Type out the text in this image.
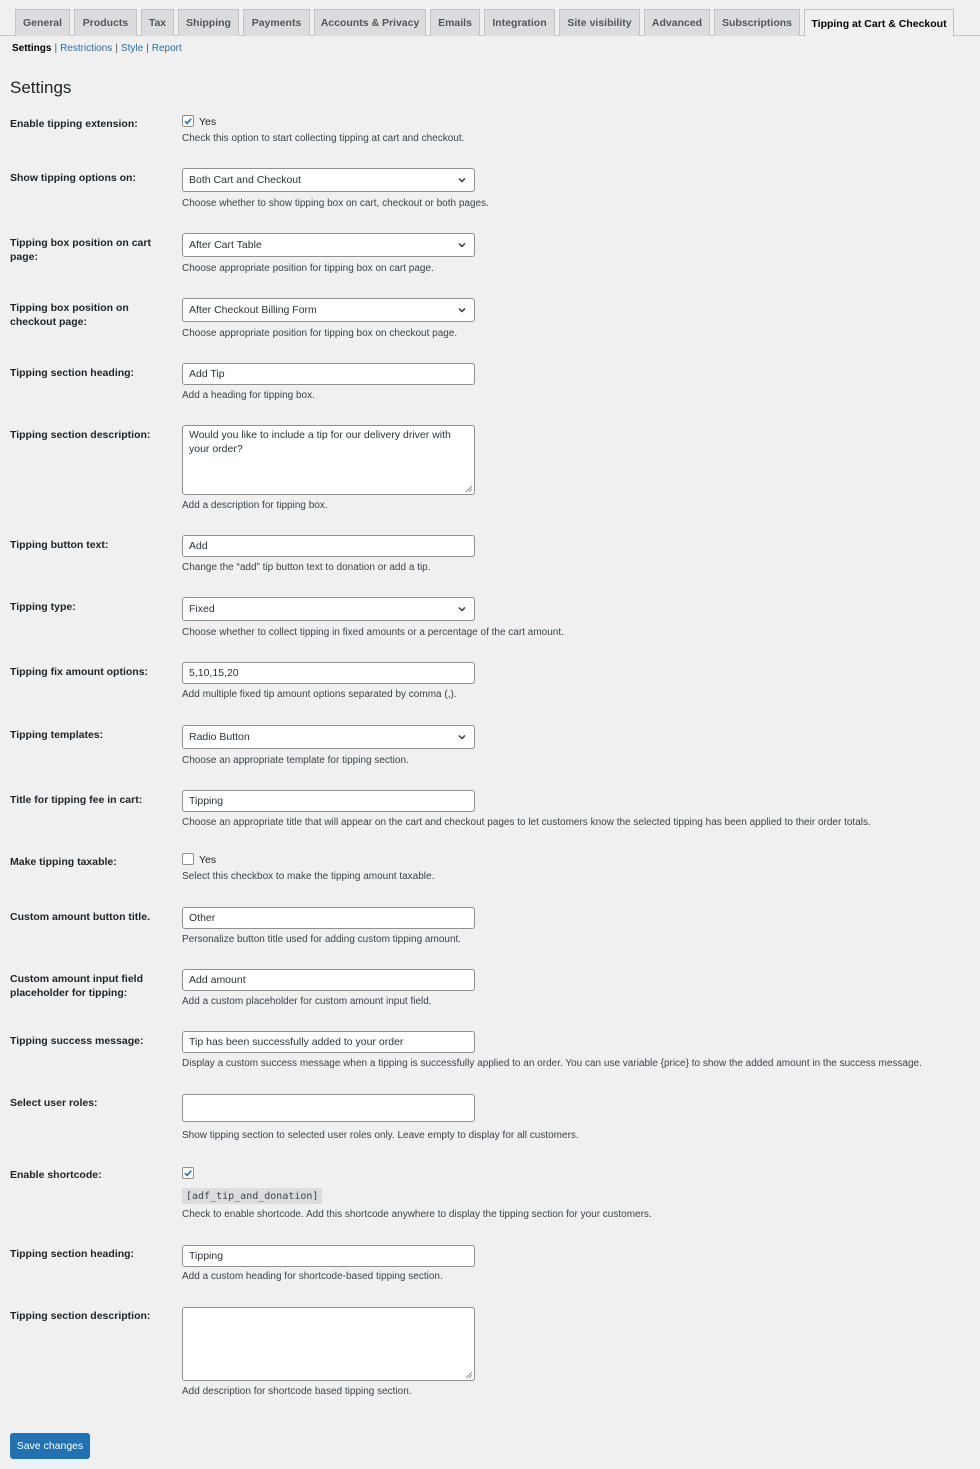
General	Products	Tax	Shipping	Payments	Accounts & Privacy	Emails	Integration	Site visibility	Advanced	Subscriptions	Tipping at Cart & Checkout
Settings | Restrictions | Style | Report
Settings
Enable tipping extension:	Yes
Check this option to start collecting tipping at cart and checkout.
Show tipping options on:	Both Cart and Checkout
Choose whether to show tipping box on cart, checkout or both pages.
Tipping box position on cart page:
After Cart Table
Choose appropriate position for tipping box on cart page.
Tipping box position on checkout page:
After Checkout Billing Form
Choose appropriate position for tipping box on checkout page.
Tipping section heading:	Add Tip
Add a heading for tipping box.
Tipping section description:	Would you like to include a tip for our delivery driver with your order?
Add a description for tipping box.
Tipping button text:	Add
Change the “add” tip button text to donation or add a tip.
Tipping type:	Fixed
Choose whether to collect tipping in fixed amounts or a percentage of the cart amount.
Tipping fix amount options:	5,10,15,20
Add multiple fixed tip amount options separated by comma (,).
Tipping templates:	Radio Button
Choose an appropriate template for tipping section.
Title for tipping fee in cart:	Tipping
Choose an appropriate title that will appear on the cart and checkout pages to let customers know the selected tipping has been applied to their order totals.
Make tipping taxable:	Yes
Select this checkbox to make the tipping amount taxable.
Custom amount button title.	Other
Personalize button title used for adding custom tipping amount.
Custom amount input field placeholder for tipping:
Add amount
Add a custom placeholder for custom amount input field.
Tipping success message:	Tip has been successfully added to your order
Display a custom success message when a tipping is successfully applied to an order. You can use variable {price} to show the added amount in the success message.
Select user roles:
Show tipping section to selected user roles only. Leave empty to display for all customers.
Enable shortcode:
[adf_tip_and_donation]
Check to enable shortcode. Add this shortcode anywhere to display the tipping section for your customers.
Tipping section heading:	Tipping
Add a custom heading for shortcode-based tipping section.
Tipping section description:
Add description for shortcode based tipping section.
Save changes
